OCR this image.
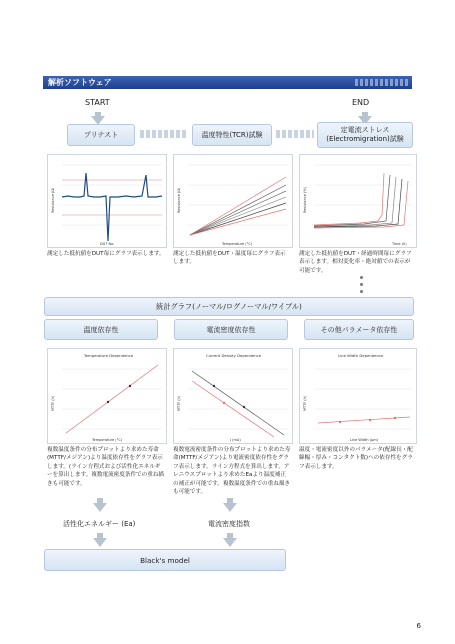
解析ソフトウェア
START	END
プリテスト	温度特性(TCR)試験
定電流ストレス
(Electromigration)試験
Resistance (Ω)
DUT No.
Resistance (Ω)
Temperature (°C)
Resistance (%)
Time (h)
測定した抵抗値をDUT毎にグラフ表示します。 測定した抵抗値をDUT・温度毎にグラフ表示します。
測定した抵抗値をDUT・経過時間毎にグラフ表示します。相対変化率・絶対値での表示が可能です。
統計グラフ(ノーマル/ログノーマル/ワイブル)
温度依存性	電流密度依存性	その他パラメータ依存性
Temperature Dependence
MTTF (h)
Temperature (°C)
Current Density Dependence
MTTF (h)
J (mA)
Line Width Dependence
MTTF (h)
Line Width (μm)
複数温度条件の分布プロットより求めた寿命(MTTF/メジアン)より温度依存性をグラフ表示します。(ライン方程式および活性化エネルギーを算出します。複数電流密度条件での重ね描きも可能です。
複数電流密度条件の分布プロットより求めた寿命(MTTF/メジアン)より電流密度依存性をグラフ表示します。ライン方程式を算出します。アレニウスプロットより求めたEaより温度補正の補正が可能です。複数温度条件での重ね描きも可能です。
温度・電流密度以外のパラメータ(配線長・配線幅・厚み・コンタクト数)への依存性をグラフ表示します。
活性化エネルギー (Ea)	電流密度指数
Black's model
6
